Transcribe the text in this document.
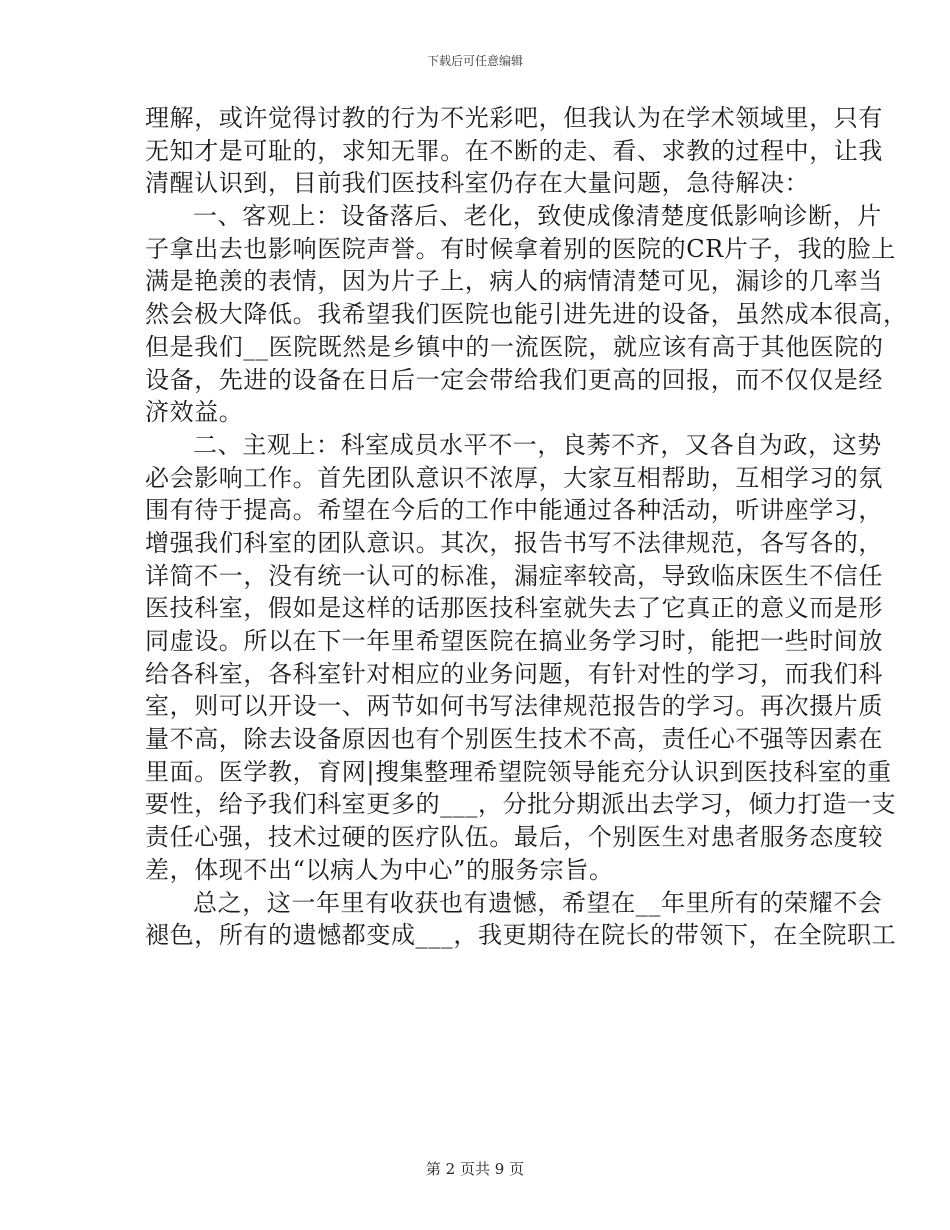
下载后可任意编辑
理解，或许觉得讨教的行为不光彩吧，但我认为在学术领域里，只有
无知才是可耻的，求知无罪。在不断的走、看、求教的过程中，让我
清醒认识到，目前我们医技科室仍存在大量问题，急待解决：
一、客观上：设备落后、老化，致使成像清楚度低影响诊断，片
子拿出去也影响医院声誉。有时候拿着别的医院的CR片子，我的脸上
满是艳羡的表情，因为片子上，病人的病情清楚可见，漏诊的几率当
然会极大降低。我希望我们医院也能引进先进的设备，虽然成本很高，
但是我们__医院既然是乡镇中的一流医院，就应该有高于其他医院的
设备，先进的设备在日后一定会带给我们更高的回报，而不仅仅是经
济效益。
二、主观上：科室成员水平不一，良莠不齐，又各自为政，这势
必会影响工作。首先团队意识不浓厚，大家互相帮助，互相学习的氛
围有待于提高。希望在今后的工作中能通过各种活动，听讲座学习，
增强我们科室的团队意识。其次，报告书写不法律规范，各写各的，
详简不一，没有统一认可的标准，漏症率较高，导致临床医生不信任
医技科室，假如是这样的话那医技科室就失去了它真正的意义而是形
同虚设。所以在下一年里希望医院在搞业务学习时，能把一些时间放
给各科室，各科室针对相应的业务问题，有针对性的学习，而我们科
室，则可以开设一、两节如何书写法律规范报告的学习。再次摄片质
量不高，除去设备原因也有个别医生技术不高，责任心不强等因素在
里面。医学教，育网|搜集整理希望院领导能充分认识到医技科室的重
要性，给予我们科室更多的___，分批分期派出去学习，倾力打造一支
责任心强，技术过硬的医疗队伍。最后，个别医生对患者服务态度较
差，体现不出“以病人为中心”的服务宗旨。
总之，这一年里有收获也有遗憾，希望在__年里所有的荣耀不会
褪色，所有的遗憾都变成___，我更期待在院长的带领下，在全院职工
第 2 页共 9 页
